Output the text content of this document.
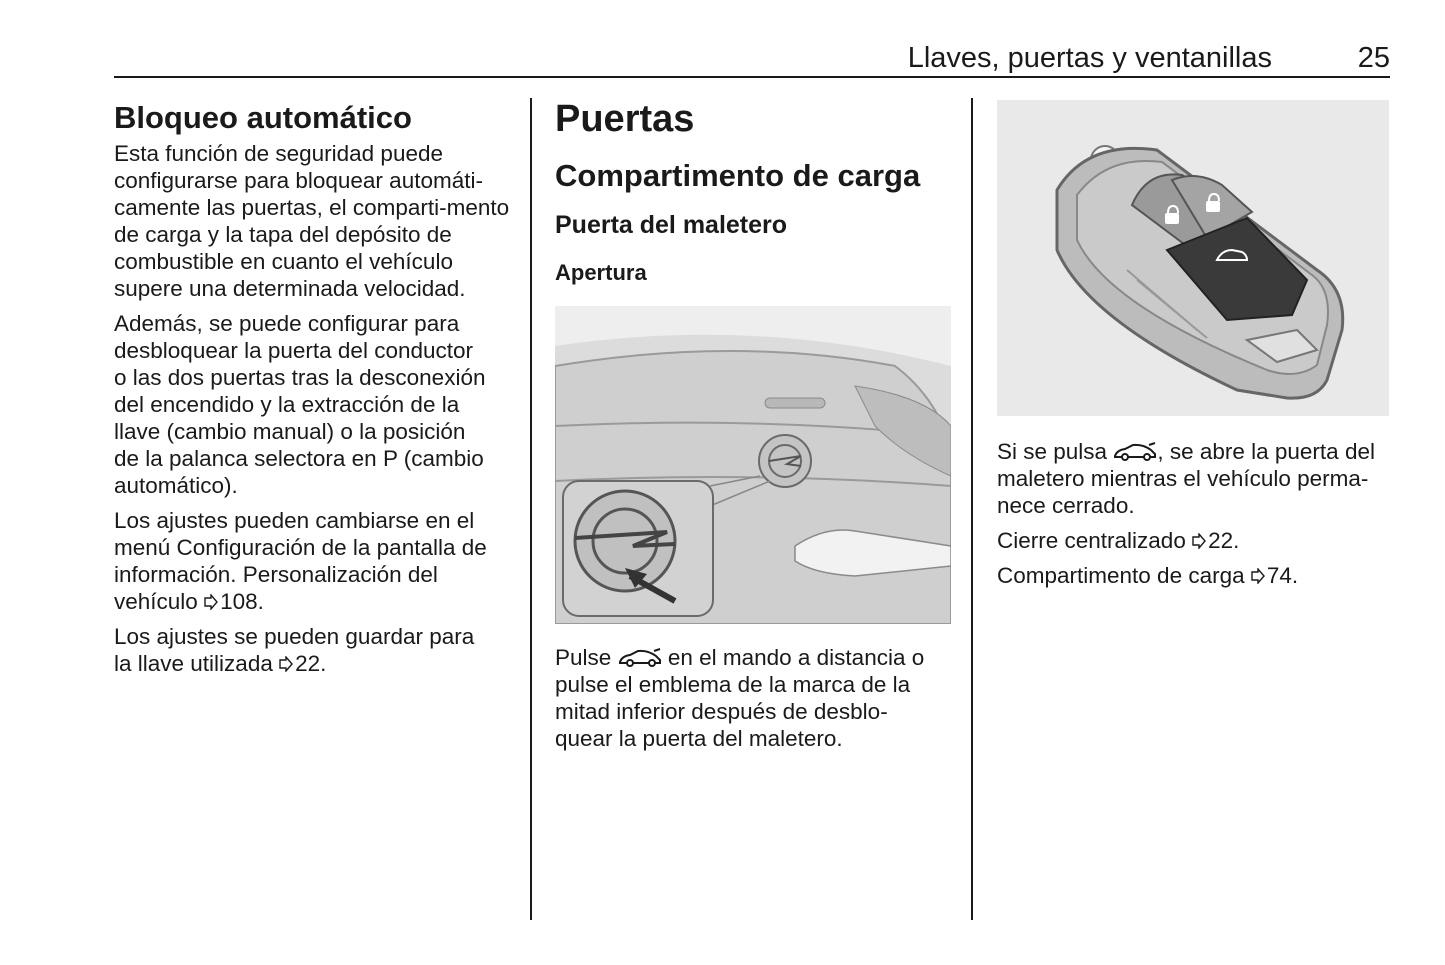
Llaves, puertas y ventanillas	25
Bloqueo automático

Esta función de seguridad puede configurarse para bloquear automáti-camente las puertas, el comparti-mento de carga y la tapa del depósito de combustible en cuanto el vehículo supere una determinada velocidad.

Además, se puede configurar para
desbloquear la puerta del conductor
o las dos puertas tras la desconexión
del encendido y la extracción de la
llave (cambio manual) o la posición
de la palanca selectora en P (cambio
automático).

Los ajustes pueden cambiarse en el
menú Configuración de la pantalla de
información. Personalización del
vehículo 108.

Los ajustes se pueden guardar para
la llave utilizada 22.

Puertas
Compartimento de carga
Puerta del maletero
Apertura

Pulse  en el mando a distancia o
pulse el emblema de la marca de la
mitad inferior después de desblo-
quear la puerta del maletero.

Si se pulsa , se abre la puerta del
maletero mientras el vehículo perma-
nece cerrado.

Cierre centralizado 22.

Compartimento de carga 74.
